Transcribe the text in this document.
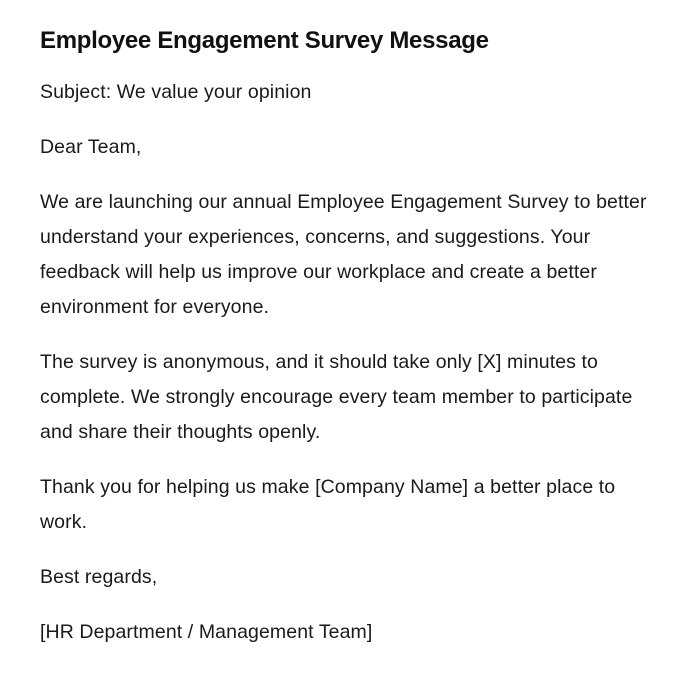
Employee Engagement Survey Message

Subject: We value your opinion

Dear Team,

We are launching our annual Employee Engagement Survey to better understand your experiences, concerns, and suggestions. Your feedback will help us improve our workplace and create a better environment for everyone.

The survey is anonymous, and it should take only [X] minutes to complete. We strongly encourage every team member to participate and share their thoughts openly.

Thank you for helping us make [Company Name] a better place to work.

Best regards,

[HR Department / Management Team]
